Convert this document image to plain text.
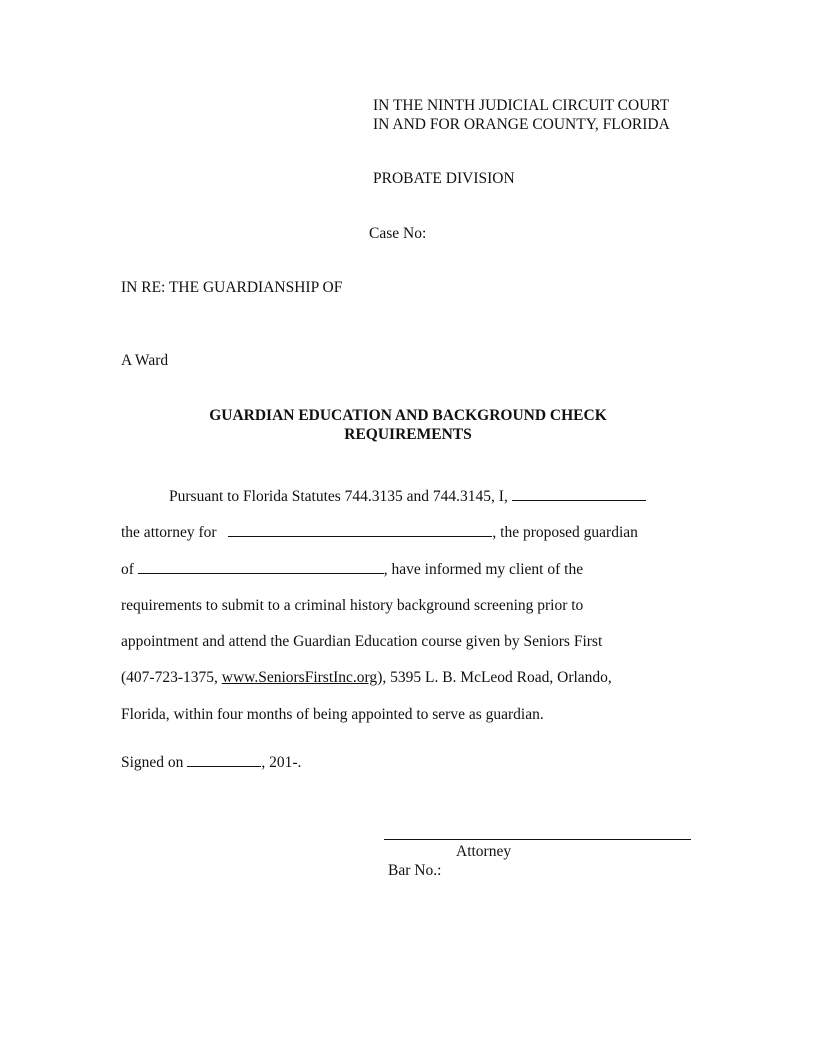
IN THE NINTH JUDICIAL CIRCUIT COURT
IN AND FOR ORANGE COUNTY, FLORIDA
PROBATE DIVISION
Case No:
IN RE: THE GUARDIANSHIP OF
A Ward
GUARDIAN EDUCATION AND BACKGROUND CHECK
REQUIREMENTS
Pursuant to Florida Statutes 744.3135 and 744.3145, I,
the attorney for	, the proposed guardian
of	, have informed my client of the
requirements to submit to a criminal history background screening prior to
appointment and attend the Guardian Education course given by Seniors First
(407-723-1375, www.SeniorsFirstInc.org), 5395 L. B. McLeod Road, Orlando,
Florida, within four months of being appointed to serve as guardian.
Signed on	, 201-.
Attorney
Bar No.:
